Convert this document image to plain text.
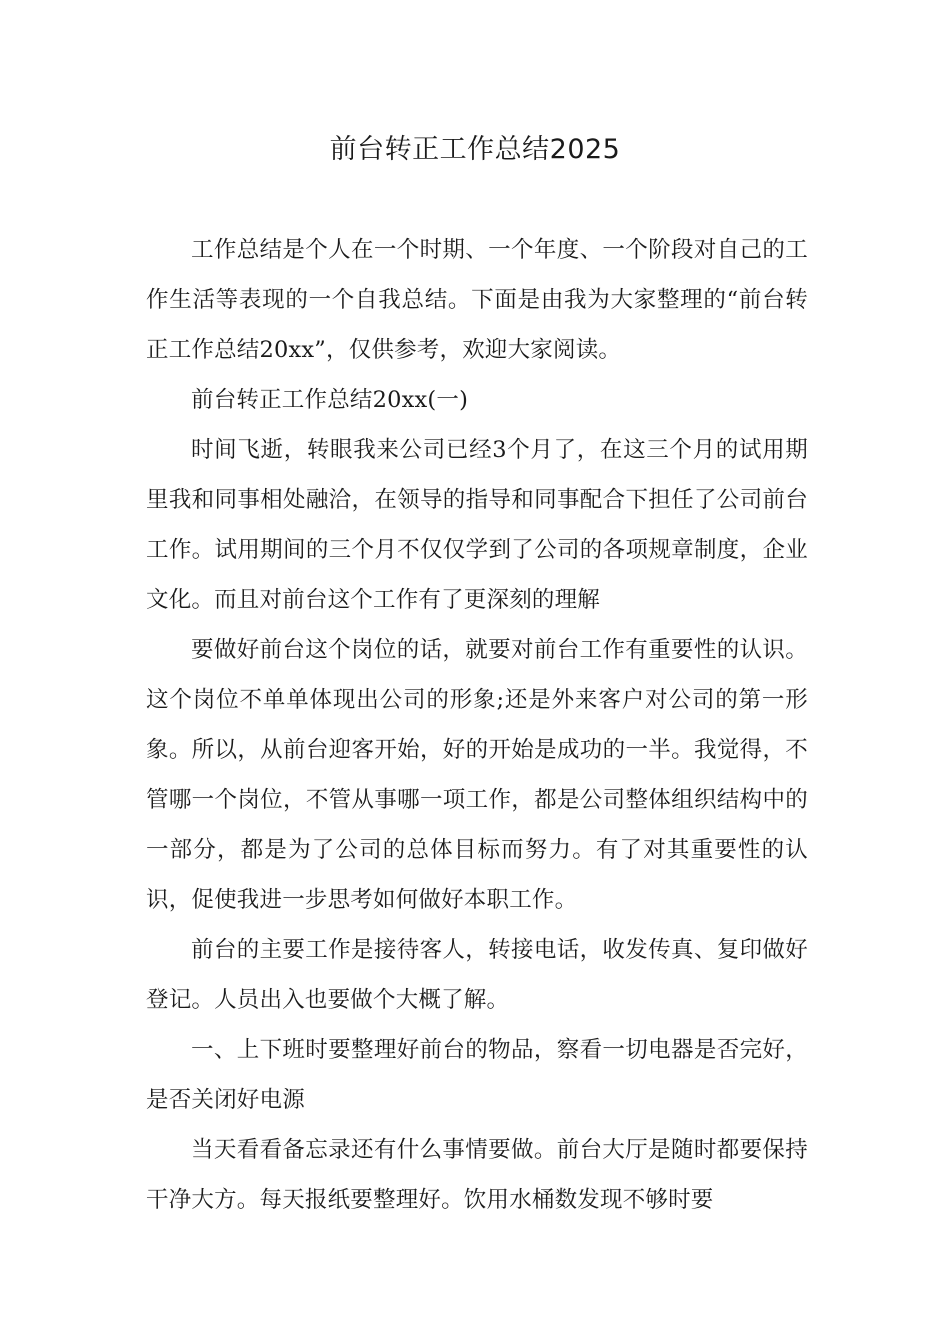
前台转正工作总结2025

工作总结是个人在一个时期、一个年度、一个阶段对自己的工作生活等表现的一个自我总结。下面是由我为大家整理的“前台转正工作总结20xx”，仅供参考，欢迎大家阅读。

前台转正工作总结20xx(一)

时间飞逝，转眼我来公司已经3个月了，在这三个月的试用期里我和同事相处融洽，在领导的指导和同事配合下担任了公司前台工作。试用期间的三个月不仅仅学到了公司的各项规章制度，企业文化。而且对前台这个工作有了更深刻的理解

要做好前台这个岗位的话，就要对前台工作有重要性的认识。这个岗位不单单体现出公司的形象;还是外来客户对公司的第一形象。所以，从前台迎客开始，好的开始是成功的一半。我觉得，不管哪一个岗位，不管从事哪一项工作，都是公司整体组织结构中的一部分，都是为了公司的总体目标而努力。有了对其重要性的认识，促使我进一步思考如何做好本职工作。

前台的主要工作是接待客人，转接电话，收发传真、复印做好登记。人员出入也要做个大概了解。

一、上下班时要整理好前台的物品，察看一切电器是否完好，是否关闭好电源

当天看看备忘录还有什么事情要做。前台大厅是随时都要保持干净大方。每天报纸要整理好。饮用水桶数发现不够时要
